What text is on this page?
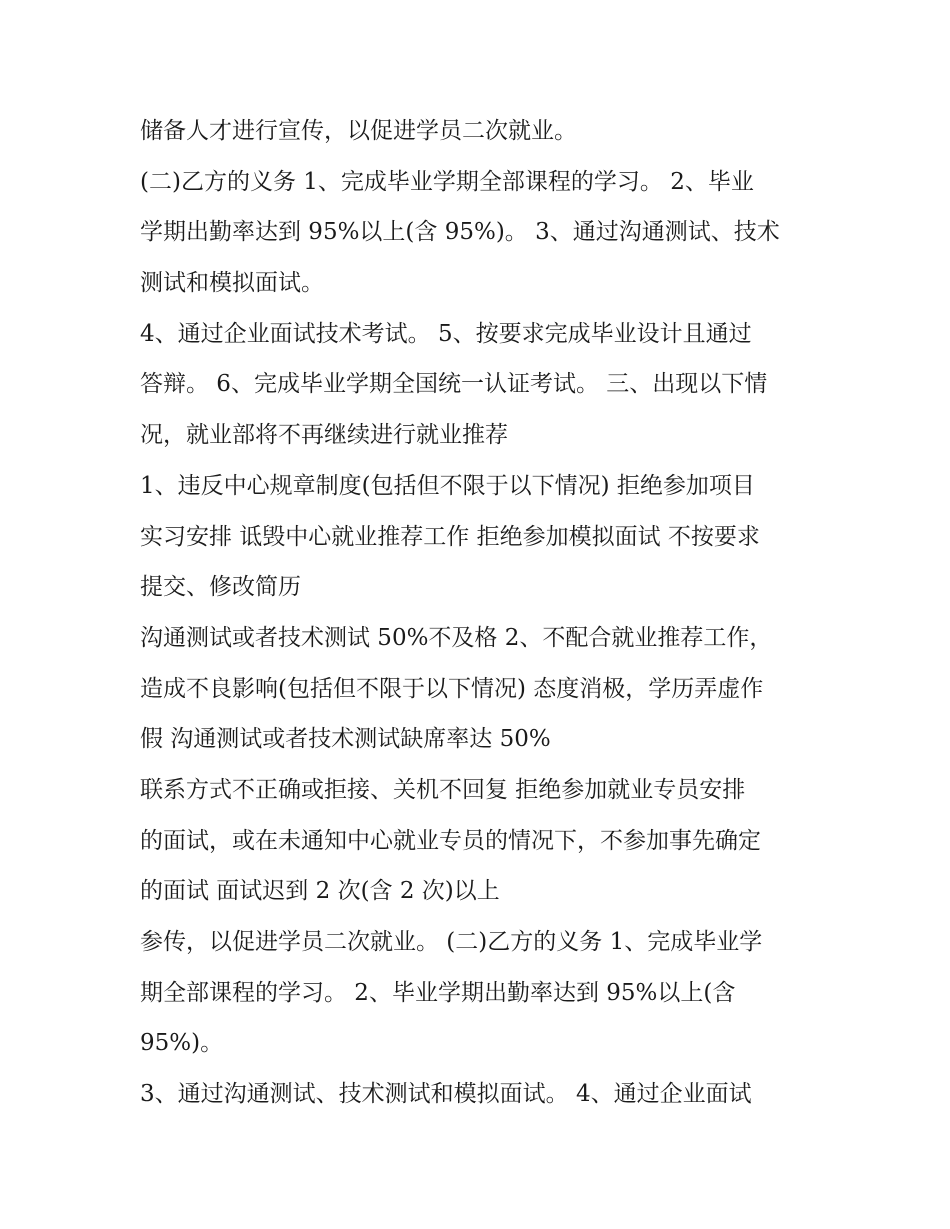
储备人才进行宣传，以促进学员二次就业。
(二)乙方的义务 1、完成毕业学期全部课程的学习。 2、毕业
学期出勤率达到 95%以上(含 95%)。 3、通过沟通测试、技术
测试和模拟面试。
4、通过企业面试技术考试。 5、按要求完成毕业设计且通过
答辩。 6、完成毕业学期全国统一认证考试。 三、出现以下情
况，就业部将不再继续进行就业推荐
1、违反中心规章制度(包括但不限于以下情况) 拒绝参加项目
实习安排 诋毁中心就业推荐工作 拒绝参加模拟面试 不按要求
提交、修改简历
沟通测试或者技术测试 50%不及格 2、不配合就业推荐工作，
造成不良影响(包括但不限于以下情况) 态度消极，学历弄虚作
假 沟通测试或者技术测试缺席率达 50%
联系方式不正确或拒接、关机不回复 拒绝参加就业专员安排
的面试，或在未通知中心就业专员的情况下，不参加事先确定
的面试 面试迟到 2 次(含 2 次)以上
参传，以促进学员二次就业。 (二)乙方的义务 1、完成毕业学
期全部课程的学习。 2、毕业学期出勤率达到 95%以上(含
95%)。
3、通过沟通测试、技术测试和模拟面试。 4、通过企业面试
